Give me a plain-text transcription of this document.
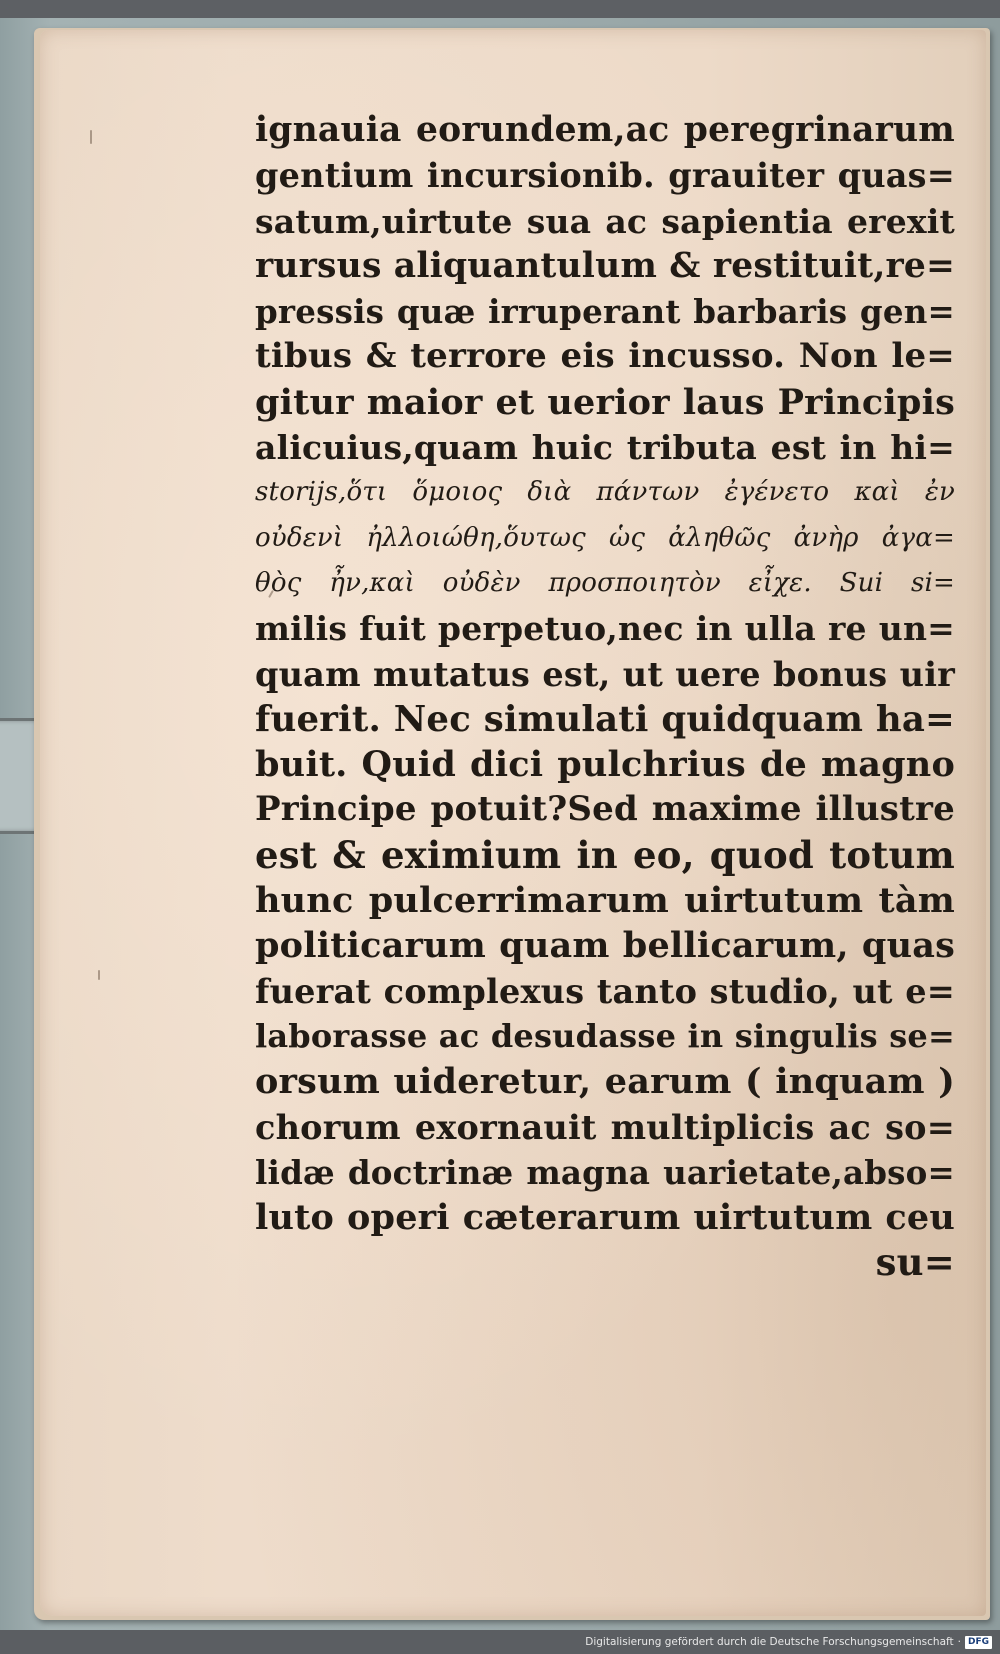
ignauia eorundem,ac peregrinarum
gentium incursionib. grauiter quas=
satum,uirtute sua ac sapientia erexit
rursus aliquantulum & restituit,re=
pressis quæ irruperant barbaris gen=
tibus & terrore eis incusso. Non le=
gitur maior et uerior laus Principis
alicuius,quam huic tributa est in hi=
storijs,ὅτι ὅμοιος διὰ πάντων ἐγένετο καὶ ἐν
οὐδενὶ ἠλλοιώθη,ὅυτως ὡς ἀληθῶς ἀνὴρ ἀγα=
θὸς ἦν,καὶ οὐδὲν προσποιητὸν εἶχε. Sui si=
milis fuit perpetuo,nec in ulla re un=
quam mutatus est, ut uere bonus uir
fuerit. Nec simulati quidquam ha=
buit. Quid dici pulchrius de magno
Principe potuit?Sed maxime illustre
est & eximium in eo, quod totum
hunc pulcerrimarum uirtutum tàm
politicarum quam bellicarum, quas
fuerat complexus tanto studio, ut e=
laborasse ac desudasse in singulis se=
orsum uideretur, earum ( inquam )
chorum exornauit multiplicis ac so=
lidæ doctrinæ magna uarietate,abso=
luto operi cæterarum uirtutum ceu
su=
Digitalisierung gefördert durch die Deutsche Forschungsgemeinschaft · DFG
